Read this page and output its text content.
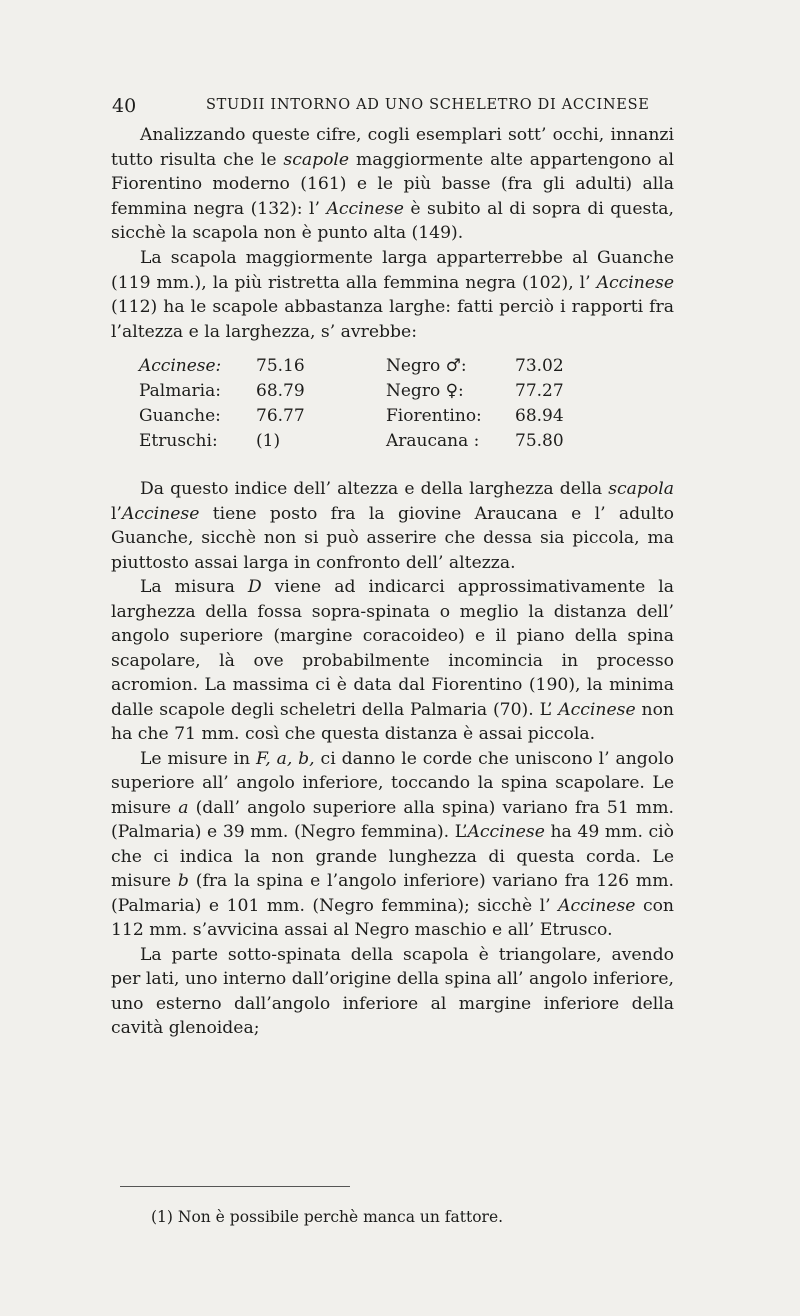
40	STUDII INTORNO AD UNO SCHELETRO DI ACCINESE

Analizzando queste cifre, cogli esemplari sott’ occhi, innanzi tutto risulta che le scapole maggiormente alte appartengono al Fiorentino moderno (161) e le più basse (fra gli adulti) alla femmina negra (132): l’ Accinese è subito al di sopra di questa, sicchè la scapola non è punto alta (149).

La scapola maggiormente larga apparterrebbe al Guanche (119 mm.), la più ristretta alla femmina negra (102), l’ Accinese (112) ha le scapole abbastanza larghe: fatti perciò i rapporti fra l’altezza e la larghezza, s’ avrebbe:

Accinese: 75.16	Negro ♂:	73.02
Palmaria: 68.79	Negro ♀:	77.27
Guanche: 76.77	Fiorentino: 68.94
Etruschi: (1)	Araucana : 75.80

Da questo indice dell’ altezza e della larghezza della scapola l’Accinese tiene posto fra la giovine Araucana e l’ adulto Guanche, sicchè non si può asserire che dessa sia piccola, ma piuttosto assai larga in confronto dell’ altezza.

La misura D viene ad indicarci approssimativamente la larghezza della fossa sopra-spinata o meglio la distanza dell’ angolo superiore (margine coracoideo) e il piano della spina scapolare, là ove probabilmente incomincia in processo acromion. La massima ci è data dal Fiorentino (190), la minima dalle scapole degli scheletri della Palmaria (70). L’ Accinese non ha che 71 mm. così che questa distanza è assai piccola.

Le misure in F, a, b, ci danno le corde che uniscono l’ angolo superiore all’ angolo inferiore, toccando la spina scapolare. Le misure a (dall’ angolo superiore alla spina) variano fra 51 mm. (Palmaria) e 39 mm. (Negro femmina). L’Accinese ha 49 mm. ciò che ci indica la non grande lunghezza di questa corda. Le misure b (fra la spina e l’angolo inferiore) variano fra 126 mm. (Palmaria) e 101 mm. (Negro femmina); sicchè l’ Accinese con 112 mm. s’avvicina assai al Negro maschio e all’ Etrusco.

La parte sotto-spinata della scapola è triangolare, avendo per lati, uno interno dall’origine della spina all’ angolo inferiore, uno esterno dall’angolo inferiore al margine inferiore della cavità glenoidea;

(1) Non è possibile perchè manca un fattore.
